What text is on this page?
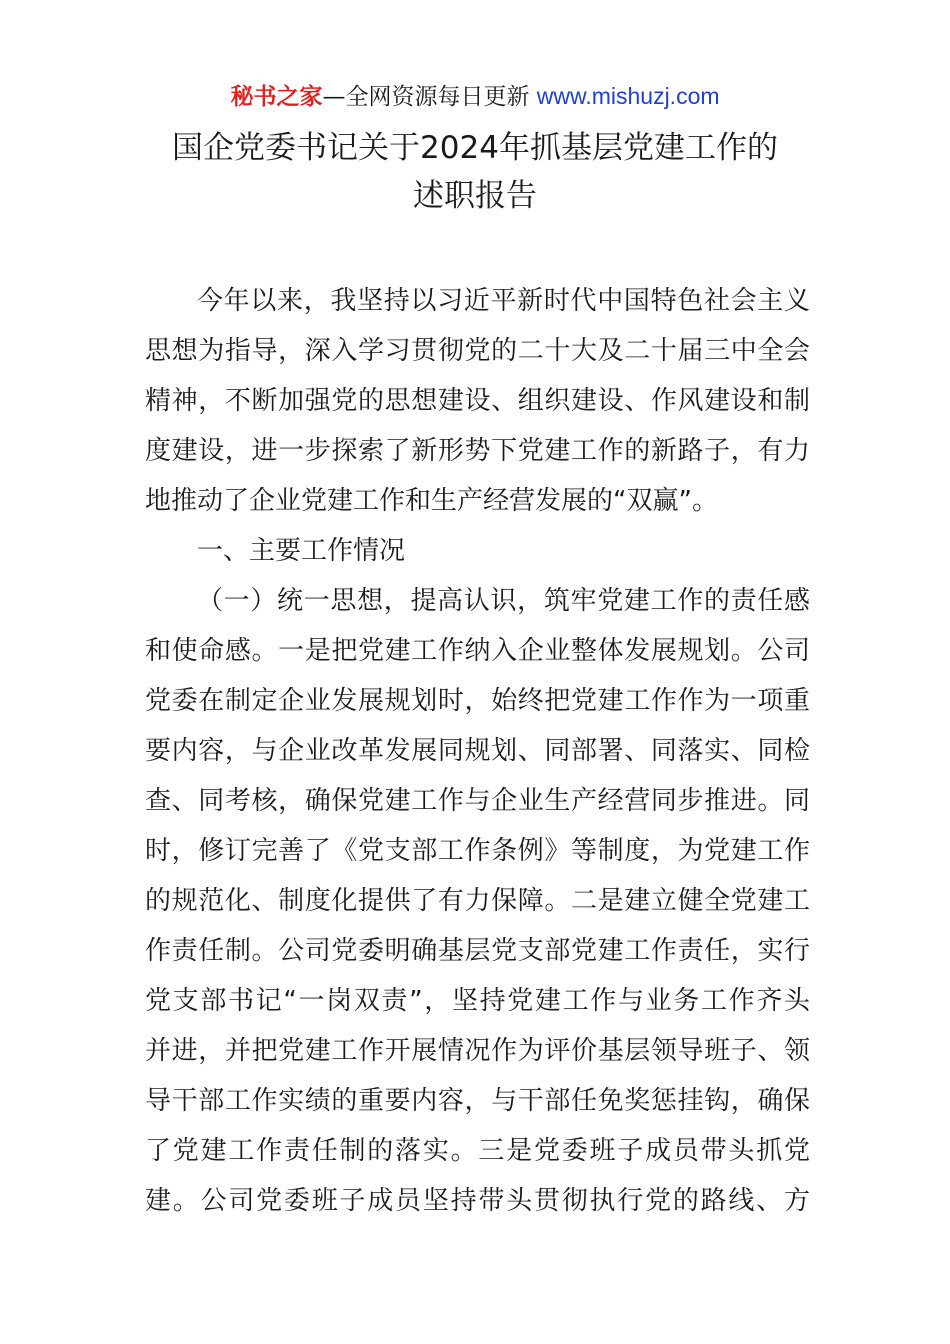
秘书之家—全网资源每日更新 www.mishuzj.com
国企党委书记关于2024年抓基层党建工作的
述职报告
今年以来，我坚持以习近平新时代中国特色社会主义
思想为指导，深入学习贯彻党的二十大及二十届三中全会
精神，不断加强党的思想建设、组织建设、作风建设和制
度建设，进一步探索了新形势下党建工作的新路子，有力
地推动了企业党建工作和生产经营发展的“双赢”。
一、主要工作情况
（一）统一思想，提高认识，筑牢党建工作的责任感
和使命感。一是把党建工作纳入企业整体发展规划。公司
党委在制定企业发展规划时，始终把党建工作作为一项重
要内容，与企业改革发展同规划、同部署、同落实、同检
查、同考核，确保党建工作与企业生产经营同步推进。同
时，修订完善了《党支部工作条例》等制度，为党建工作
的规范化、制度化提供了有力保障。二是建立健全党建工
作责任制。公司党委明确基层党支部党建工作责任，实行
党支部书记“一岗双责”，坚持党建工作与业务工作齐头
并进，并把党建工作开展情况作为评价基层领导班子、领
导干部工作实绩的重要内容，与干部任免奖惩挂钩，确保
了党建工作责任制的落实。三是党委班子成员带头抓党
建。公司党委班子成员坚持带头贯彻执行党的路线、方
